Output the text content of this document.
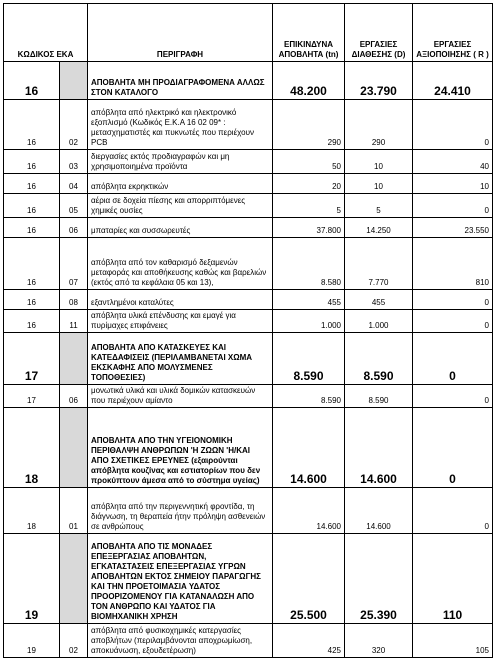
ΚΩΔΙΚΟΣ ΕΚΑ		ΠΕΡΙΓΡΑΦΗ	ΕΠΙΚΙΝΔΥΝΑ ΑΠΟΒΛΗΤΑ (tn)	ΕΡΓΑΣΙΕΣ ΔΙΑΘΕΣΗΣ (D)	ΕΡΓΑΣΙΕΣ ΑΞΙΟΠΟΙΗΣΗΣ ( R )
16		ΑΠΟΒΛΗΤΑ ΜΗ ΠΡΟΔΙΑΓΡΑΦΟΜΕΝΑ ΑΛΛΩΣ ΣΤΟΝ ΚΑΤΑΛΟΓΟ	48.200	23.790	24.410
16	02	απόβλητα από ηλεκτρικό και ηλεκτρονικό εξοπλισμό (Κωδικός Ε.Κ.Α 16 02 09* : μετασχηματιστές και πυκνωτές που περιέχουν PCB	290	290	0
16	03	διεργασίες εκτός προδιαγραφών και μη χρησιμοποιημένα προϊόντα	50	10	40
16	04	απόβλητα εκρηκτικών	20	10	10
16	05	αέρια σε δοχεία πίεσης και απορριπτόμενες χημικές ουσίες	5	5	0
16	06	μπαταρίες και συσσωρευτές	37.800	14.250	23.550
16	07	απόβλητα από τον καθαρισμό δεξαμενών μεταφοράς και αποθήκευσης καθώς και βαρελιών (εκτός από τα κεφάλαια 05 και 13),	8.580	7.770	810
16	08	εξαντλημένοι καταλύτες	455	455	0
16	11	απόβλητα υλικά επένδυσης και εμαγέ για πυρίμαχες επιφάνειες	1.000	1.000	0
17		ΑΠΟΒΛΗΤΑ ΑΠΟ ΚΑΤΑΣΚΕΥΕΣ ΚΑΙ ΚΑΤΕΔΑΦΙΣΕΙΣ (ΠΕΡΙΛΑΜΒΑΝΕΤΑΙ ΧΩΜΑ ΕΚΣΚΑΦΗΣ ΑΠΟ ΜΟΛΥΣΜΕΝΕΣ ΤΟΠΟΘΕΣΙΕΣ)	8.590	8.590	0
17	06	μονωτικά υλικά και υλικά δομικών κατασκευών που περιέχουν αμίαντο	8.590	8.590	0
18		ΑΠΟΒΛΗΤΑ ΑΠΟ ΤΗΝ ΥΓΕΙΟΝΟΜΙΚΗ ΠΕΡΙΘΑΛΨΗ ΑΝΘΡΩΠΩΝ 'Η ΖΩΩΝ 'Η/ΚΑΙ ΑΠΟ ΣΧΕΤΙΚΕΣ ΕΡΕΥΝΕΣ (εξαιρούνται απόβλητα κουζίνας και εστιατορίων που δεν προκύπτουν άμεσα από το σύστημα υγείας)	14.600	14.600	0
18	01	απόβλητα από την περιγεννητική φροντίδα, τη διάγνωση, τη θεραπεία ήτην πρόληψη ασθενειών σε ανθρώπους	14.600	14.600	0
19		ΑΠΟΒΛΗΤΑ ΑΠΟ ΤΙΣ ΜΟΝΑΔΕΣ ΕΠΕΞΕΡΓΑΣΙΑΣ ΑΠΟΒΛΗΤΩΝ, ΕΓΚΑΤΑΣΤΑΣΕΙΣ ΕΠΕΞΕΡΓΑΣΙΑΣ ΥΓΡΩΝ ΑΠΟΒΛΗΤΩΝ ΕΚΤΟΣ ΣΗΜΕΙΟΥ ΠΑΡΑΓΩΓΗΣ ΚΑΙ ΤΗΝ ΠΡΟΕΤΟΙΜΑΣΙΑ ΥΔΑΤΟΣ ΠΡΟΟΡΙΖΟΜΕΝΟΥ ΓΙΑ ΚΑΤΑΝΑΛΩΣΗ ΑΠΟ ΤΟΝ ΑΝΘΡΩΠΟ ΚΑΙ ΥΔΑΤΟΣ ΓΙΑ ΒΙΟΜΗΧΑΝΙΚΗ ΧΡΗΣΗ	25.500	25.390	110
19	02	απόβλητα από φυσικοχημικές κατεργασίες αποβλήτων (περιλαμβάνονται αποχρωμίωση, αποκυάνωση, εξουδετέρωση)	425	320	105
